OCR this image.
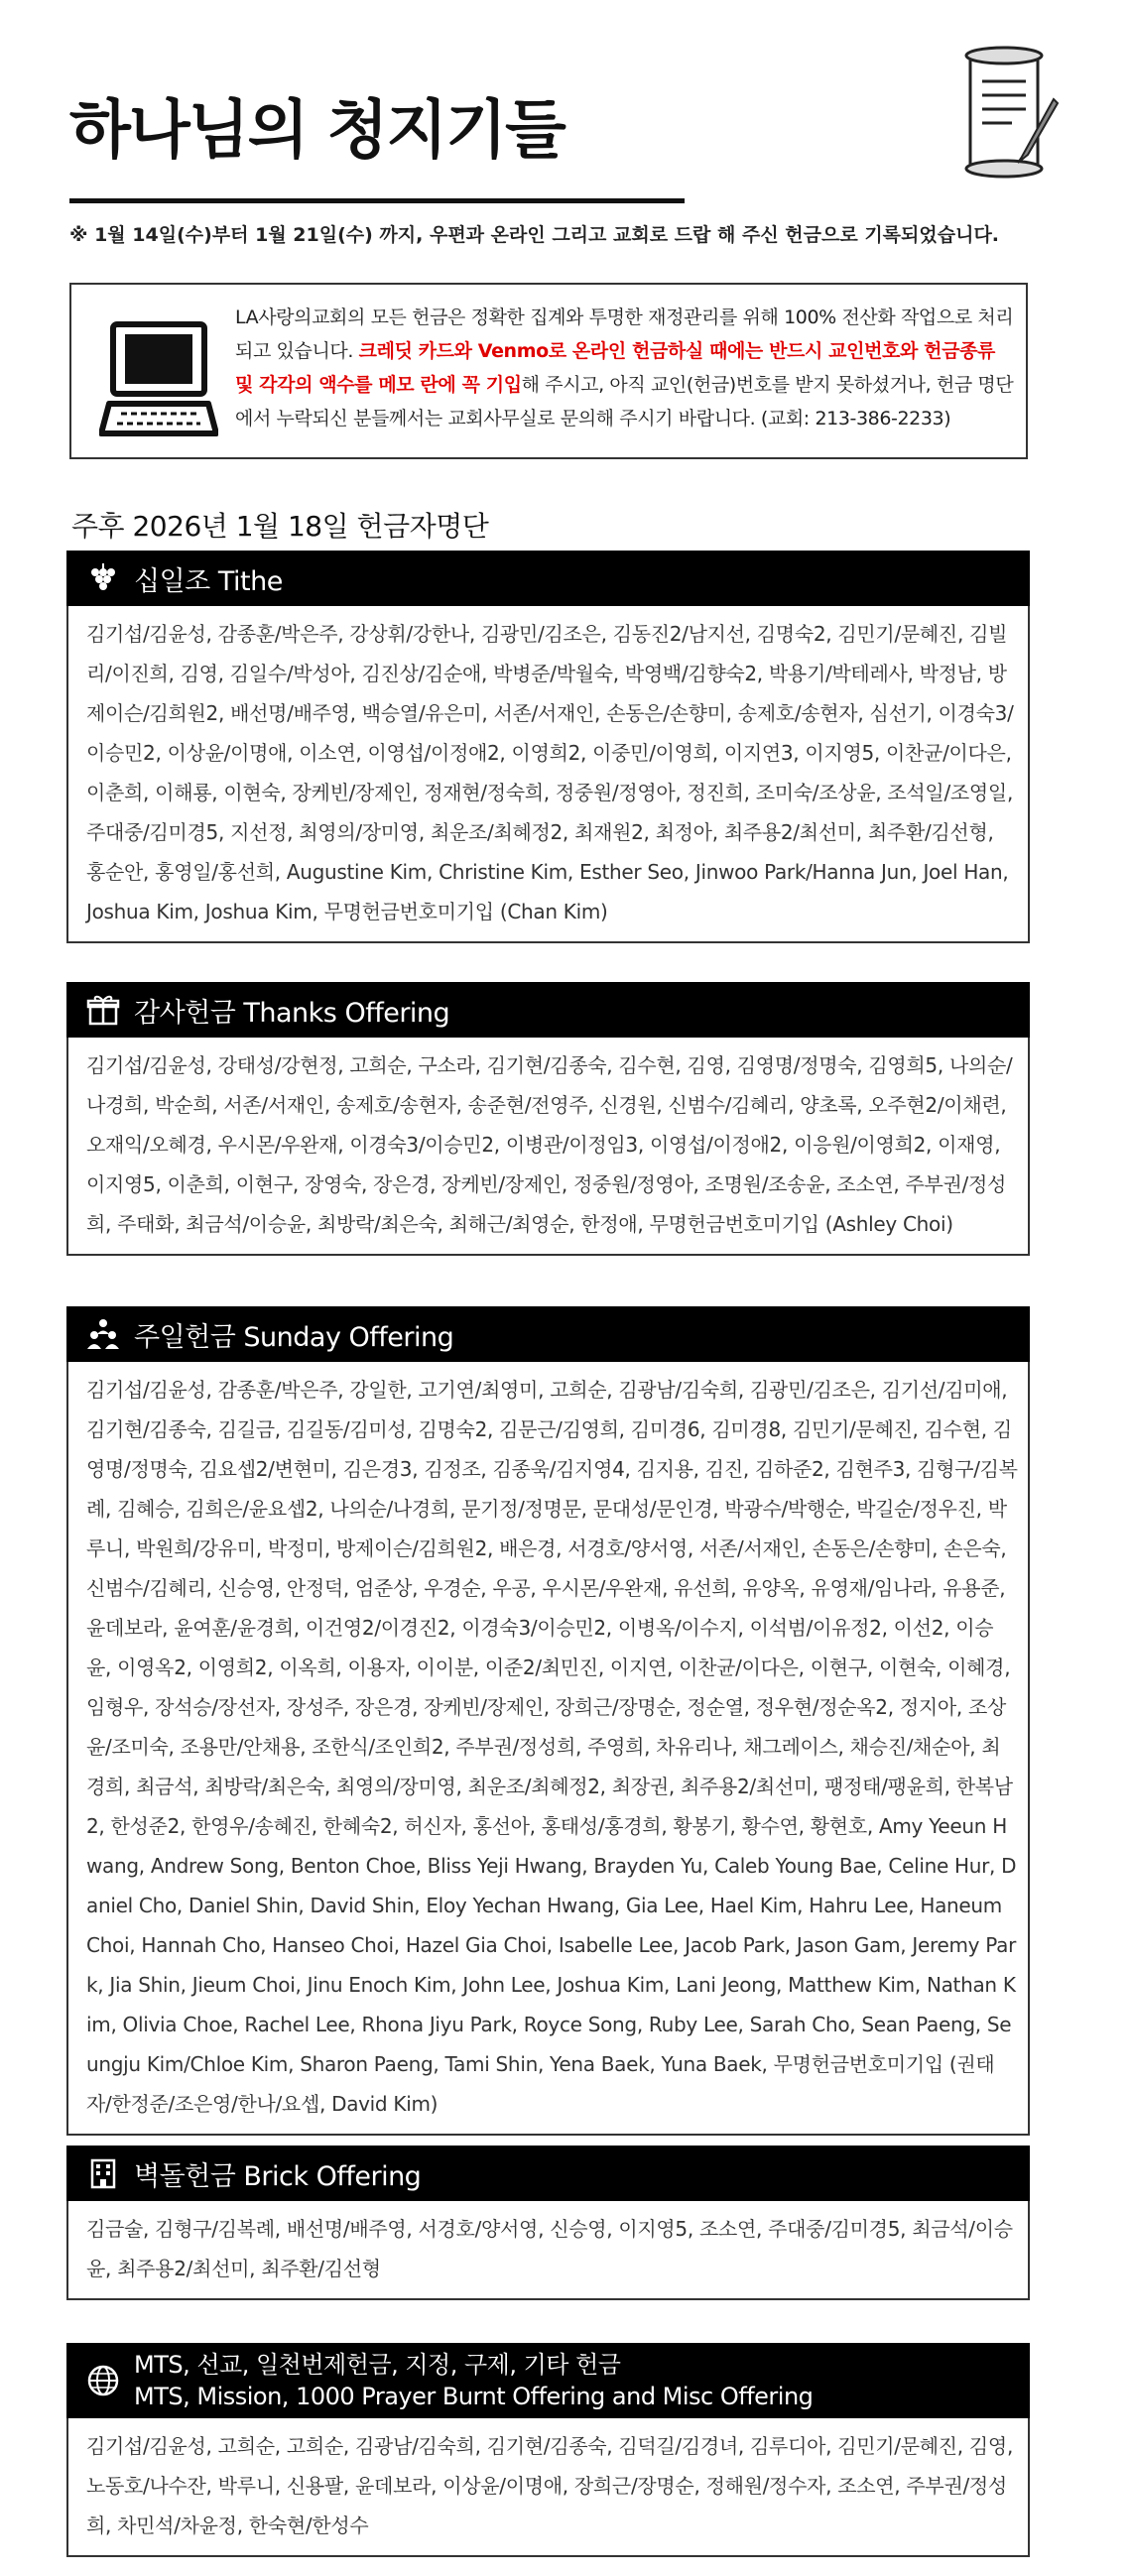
하나님의 청지기들
※ 1월 14일(수)부터 1월 21일(수) 까지, 우편과 온라인 그리고 교회로 드랍 해 주신 헌금으로 기록되었습니다.
LA사랑의교회의 모든 헌금은 정확한 집계와 투명한 재정관리를 위해 100% 전산화 작업으로 처리되고 있습니다. 크레딧 카드와 Venmo로 온라인 헌금하실 때에는 반드시 교인번호와 헌금종류 및 각각의 액수를 메모 란에 꼭 기입해 주시고, 아직 교인(헌금)번호를 받지 못하셨거나, 헌금 명단에서 누락되신 분들께서는 교회사무실로 문의해 주시기 바랍니다. (교회: 213-386-2233)
주후 2026년 1월 18일 헌금자명단
십일조 Tithe
김기섭/김윤성, 감종훈/박은주, 강상휘/강한나, 김광민/김조은, 김동진2/남지선, 김명숙2, 김민기/문혜진, 김빌리/이진희, 김영, 김일수/박성아, 김진상/김순애, 박병준/박월숙, 박영백/김향숙2, 박용기/박테레사, 박정남, 방제이슨/김희원2, 배선명/배주영, 백승열/유은미, 서존/서재인, 손동은/손향미, 송제호/송현자, 심선기, 이경숙3/이승민2, 이상윤/이명애, 이소연, 이영섭/이정애2, 이영희2, 이중민/이영희, 이지연3, 이지영5, 이찬균/이다은, 이춘희, 이해룡, 이현숙, 장케빈/장제인, 정재현/정숙희, 정중원/정영아, 정진희, 조미숙/조상윤, 조석일/조영일, 주대중/김미경5, 지선정, 최영의/장미영, 최운조/최혜정2, 최재원2, 최정아, 최주용2/최선미, 최주환/김선형, 홍순안, 홍영일/홍선희, Augustine Kim, Christine Kim, Esther Seo, Jinwoo Park/Hanna Jun, Joel Han, Joshua Kim, Joshua Kim, 무명헌금번호미기입 (Chan Kim)
감사헌금 Thanks Offering
김기섭/김윤성, 강태성/강현정, 고희순, 구소라, 김기현/김종숙, 김수현, 김영, 김영명/정명숙, 김영희5, 나의순/나경희, 박순희, 서존/서재인, 송제호/송현자, 송준현/전영주, 신경원, 신범수/김혜리, 양초록, 오주현2/이채련, 오재익/오혜경, 우시몬/우완재, 이경숙3/이승민2, 이병관/이정임3, 이영섭/이정애2, 이응원/이영희2, 이재영, 이지영5, 이춘희, 이현구, 장영숙, 장은경, 장케빈/장제인, 정중원/정영아, 조명원/조송윤, 조소연, 주부권/정성희, 주태화, 최금석/이승윤, 최방락/최은숙, 최해근/최영순, 한정애, 무명헌금번호미기입 (Ashley Choi)
주일헌금 Sunday Offering
김기섭/김윤성, 감종훈/박은주, 강일한, 고기연/최영미, 고희순, 김광남/김숙희, 김광민/김조은, 김기선/김미애, 김기현/김종숙, 김길금, 김길동/김미성, 김명숙2, 김문근/김영희, 김미경6, 김미경8, 김민기/문혜진, 김수현, 김영명/정명숙, 김요셉2/변현미, 김은경3, 김정조, 김종욱/김지영4, 김지용, 김진, 김하준2, 김현주3, 김형구/김복례, 김혜승, 김희은/윤요셉2, 나의순/나경희, 문기정/정명문, 문대성/문인경, 박광수/박행순, 박길순/정우진, 박루니, 박원희/강유미, 박정미, 방제이슨/김희원2, 배은경, 서경호/양서영, 서존/서재인, 손동은/손향미, 손은숙, 신범수/김혜리, 신승영, 안정덕, 엄준상, 우경순, 우공, 우시몬/우완재, 유선희, 유양옥, 유영재/임나라, 유용준, 윤데보라, 윤여훈/윤경희, 이건영2/이경진2, 이경숙3/이승민2, 이병옥/이수지, 이석범/이유정2, 이선2, 이승윤, 이영옥2, 이영희2, 이옥희, 이용자, 이이분, 이준2/최민진, 이지연, 이찬균/이다은, 이현구, 이현숙, 이혜경, 임형우, 장석승/장선자, 장성주, 장은경, 장케빈/장제인, 장희근/장명순, 정순열, 정우현/정순옥2, 정지아, 조상윤/조미숙, 조용만/안채용, 조한식/조인희2, 주부권/정성희, 주영희, 차유리나, 채그레이스, 채승진/채순아, 최경희, 최금석, 최방락/최은숙, 최영의/장미영, 최운조/최혜정2, 최장권, 최주용2/최선미, 팽정태/팽윤희, 한복남2, 한성준2, 한영우/송혜진, 한혜숙2, 허신자, 홍선아, 홍태성/홍경희, 황봉기, 황수연, 황현호, Amy Yeeun Hwang, Andrew Song, Benton Choe, Bliss Yeji Hwang, Brayden Yu, Caleb Young Bae, Celine Hur, Daniel Cho, Daniel Shin, David Shin, Eloy Yechan Hwang, Gia Lee, Hael Kim, Hahru Lee, Haneum Choi, Hannah Cho, Hanseo Choi, Hazel Gia Choi, Isabelle Lee, Jacob Park, Jason Gam, Jeremy Park, Jia Shin, Jieum Choi, Jinu Enoch Kim, John Lee, Joshua Kim, Lani Jeong, Matthew Kim, Nathan Kim, Olivia Choe, Rachel Lee, Rhona Jiyu Park, Royce Song, Ruby Lee, Sarah Cho, Sean Paeng, Seungju Kim/Chloe Kim, Sharon Paeng, Tami Shin, Yena Baek, Yuna Baek, 무명헌금번호미기입 (권태자/한정준/조은영/한나/요셉, David Kim)
벽돌헌금 Brick Offering
김금술, 김형구/김복례, 배선명/배주영, 서경호/양서영, 신승영, 이지영5, 조소연, 주대중/김미경5, 최금석/이승윤, 최주용2/최선미, 최주환/김선형
MTS, 선교, 일천번제헌금, 지정, 구제, 기타 헌금
MTS, Mission, 1000 Prayer Burnt Offering and Misc Offering
김기섭/김윤성, 고희순, 고희순, 김광남/김숙희, 김기현/김종숙, 김덕길/김경녀, 김루디아, 김민기/문혜진, 김영, 노동호/나수잔, 박루니, 신용팔, 윤데보라, 이상윤/이명애, 장희근/장명순, 정해원/정수자, 조소연, 주부권/정성희, 차민석/차윤정, 한숙현/한성수
